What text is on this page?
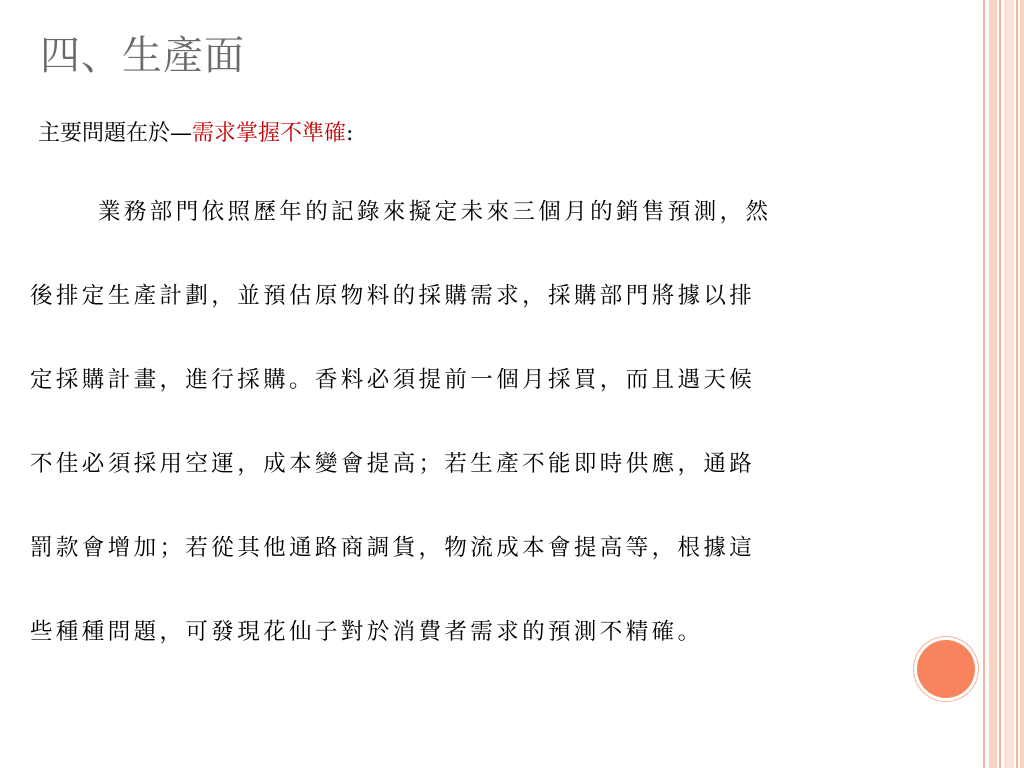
四、生產面
主要問題在於—需求掌握不準確:
業務部門依照歷年的記錄來擬定未來三個月的銷售預測，然
後排定生產計劃，並預估原物料的採購需求，採購部門將據以排
定採購計畫，進行採購。香料必須提前一個月採買，而且遇天候
不佳必須採用空運，成本變會提高；若生產不能即時供應，通路
罰款會增加；若從其他通路商調貨，物流成本會提高等，根據這
些種種問題，可發現花仙子對於消費者需求的預測不精確。
